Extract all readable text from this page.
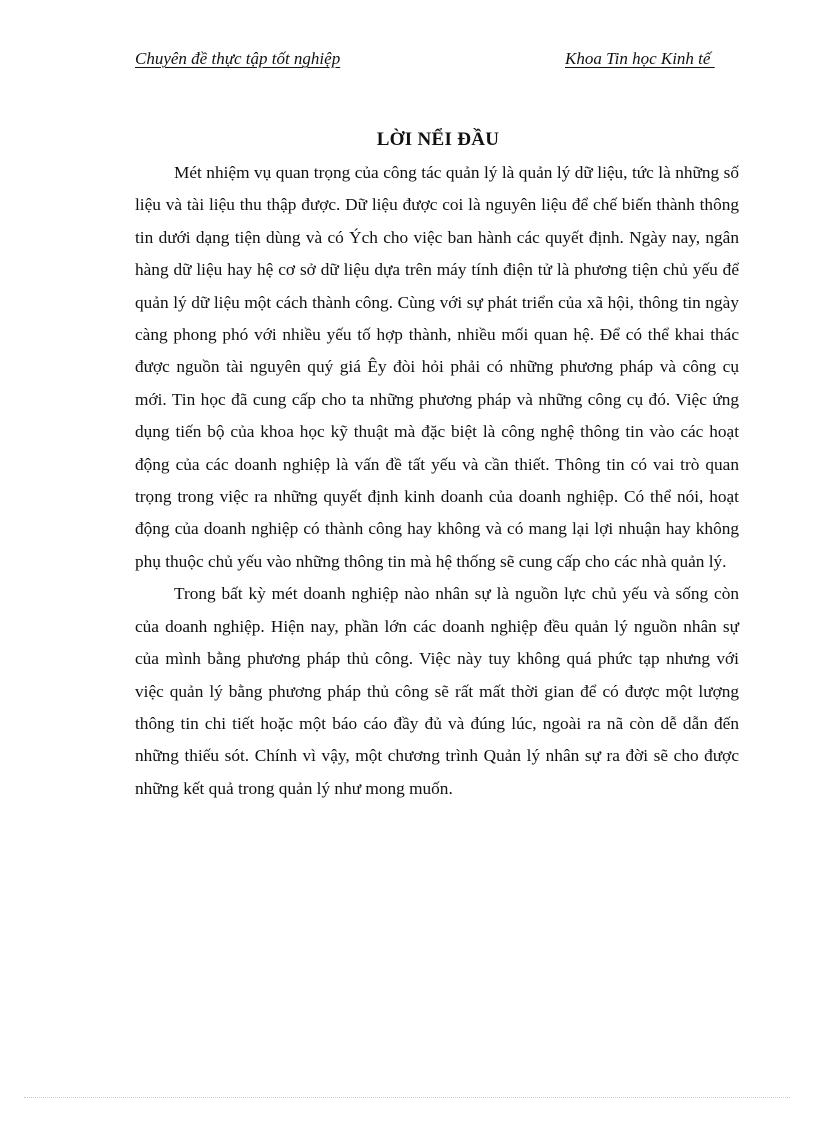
Chuyên đề thực tập tốt nghiệp	Khoa Tin học Kinh tế
LỜI NỂI ĐẦU

Mét nhiệm vụ quan trọng của công tác quản lý là quản lý dữ liệu, tức là những số liệu và tài liệu thu thập được. Dữ liệu được coi là nguyên liệu để chế biến thành thông tin dưới dạng tiện dùng và có Ých cho việc ban hành các quyết định. Ngày nay, ngân hàng dữ liệu hay hệ cơ sở dữ liệu dựa trên máy tính điện tử là phương tiện chủ yếu để quản lý dữ liệu một cách thành công. Cùng với sự phát triển của xã hội, thông tin ngày càng phong phó với nhiều yếu tố hợp thành, nhiều mối quan hệ. Để có thể khai thác được nguồn tài nguyên quý giá Êy đòi hỏi phải có những phương pháp và công cụ mới. Tin học đã cung cấp cho ta những phương pháp và những công cụ đó. Việc ứng dụng tiến bộ của khoa học kỹ thuật mà đặc biệt là công nghệ thông tin vào các hoạt động của các doanh nghiệp là vấn đề tất yếu và cần thiết. Thông tin có vai trò quan trọng trong việc ra những quyết định kinh doanh của doanh nghiệp. Có thể nói, hoạt động của doanh nghiệp có thành công hay không và có mang lại lợi nhuận hay không phụ thuộc chủ yếu vào những thông tin mà hệ thống sẽ cung cấp cho các nhà quản lý.

Trong bất kỳ mét doanh nghiệp nào nhân sự là nguồn lực chủ yếu và sống còn của doanh nghiệp. Hiện nay, phần lớn các doanh nghiệp đều quản lý nguồn nhân sự của mình bằng phương pháp thủ công. Việc này tuy không quá phức tạp nhưng với việc quản lý bằng phương pháp thủ công sẽ rất mất thời gian để có được một lượng thông tin chi tiết hoặc một báo cáo đầy đủ và đúng lúc, ngoài ra nã còn dễ dẫn đến những thiếu sót. Chính vì vậy, một chương trình Quản lý nhân sự ra đời sẽ cho được những kết quả trong quản lý như mong muốn.
